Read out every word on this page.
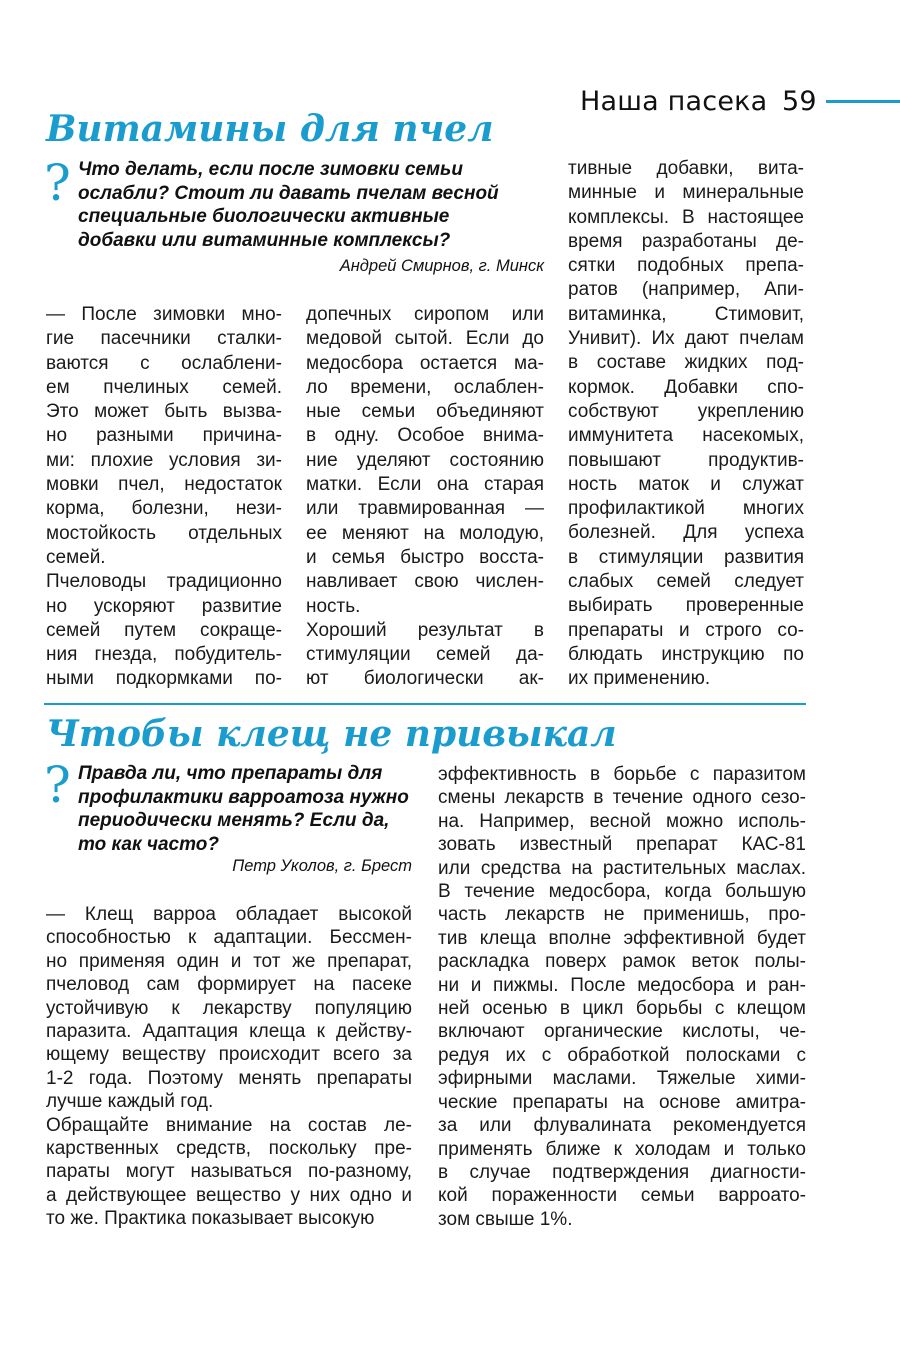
Наша пасека 59
Витамины для пчел
? Что делать, если после зимовки семьи
ослабли? Стоит ли давать пчелам весной
специальные биологически активные
добавки или витаминные комплексы?
Андрей Смирнов, г. Минск
— После зимовки мно-
гие пасечники сталки-
ваются с ослаблени-
ем пчелиных семей.
Это может быть вызва-
но разными причина-
ми: плохие условия зи-
мовки пчел, недостаток
корма, болезни, нези-
мостойкость отдельных
семей.
Пчеловоды традиционно
но ускоряют развитие
семей путем сокраще-
ния гнезда, побудитель-
ными подкормками по-
допечных сиропом или
медовой сытой. Если до
медосбора остается ма-
ло времени, ослаблен-
ные семьи объединяют
в одну. Особое внима-
ние уделяют состоянию
матки. Если она старая
или травмированная —
ее меняют на молодую,
и семья быстро восста-
навливает свою числен-
ность.
Хороший результат в
стимуляции семей да-
ют биологически ак-
тивные добавки, вита-
минные и минеральные
комплексы. В настоящее
время разработаны де-
сятки подобных препа-
ратов (например, Апи-
витаминка, Стимовит,
Унивит). Их дают пчелам
в составе жидких под-
кормок. Добавки спо-
собствуют укреплению
иммунитета насекомых,
повышают продуктив-
ность маток и служат
профилактикой многих
болезней. Для успеха
в стимуляции развития
слабых семей следует
выбирать проверенные
препараты и строго со-
блюдать инструкцию по
их применению.
Чтобы клещ не привыкал
? Правда ли, что препараты для
профилактики варроатоза нужно
периодически менять? Если да,
то как часто?
Петр Уколов, г. Брест
— Клещ варроа обладает высокой
способностью к адаптации. Бессмен-
но применяя один и тот же препарат,
пчеловод сам формирует на пасеке
устойчивую к лекарству популяцию
паразита. Адаптация клеща к действу-
ющему веществу происходит всего за
1-2 года. Поэтому менять препараты
лучше каждый год.
Обращайте внимание на состав ле-
карственных средств, поскольку пре-
параты могут называться по-разному,
а действующее вещество у них одно и
то же. Практика показывает высокую
эффективность в борьбе с паразитом
смены лекарств в течение одного сезо-
на. Например, весной можно исполь-
зовать известный препарат КАС-81
или средства на растительных маслах.
В течение медосбора, когда большую
часть лекарств не применишь, про-
тив клеща вполне эффективной будет
раскладка поверх рамок веток полы-
ни и пижмы. После медосбора и ран-
ней осенью в цикл борьбы с клещом
включают органические кислоты, че-
редуя их с обработкой полосками с
эфирными маслами. Тяжелые хими-
ческие препараты на основе амитра-
за или флувалината рекомендуется
применять ближе к холодам и только
в случае подтверждения диагности-
кой пораженности семьи варроато-
зом свыше 1%.
